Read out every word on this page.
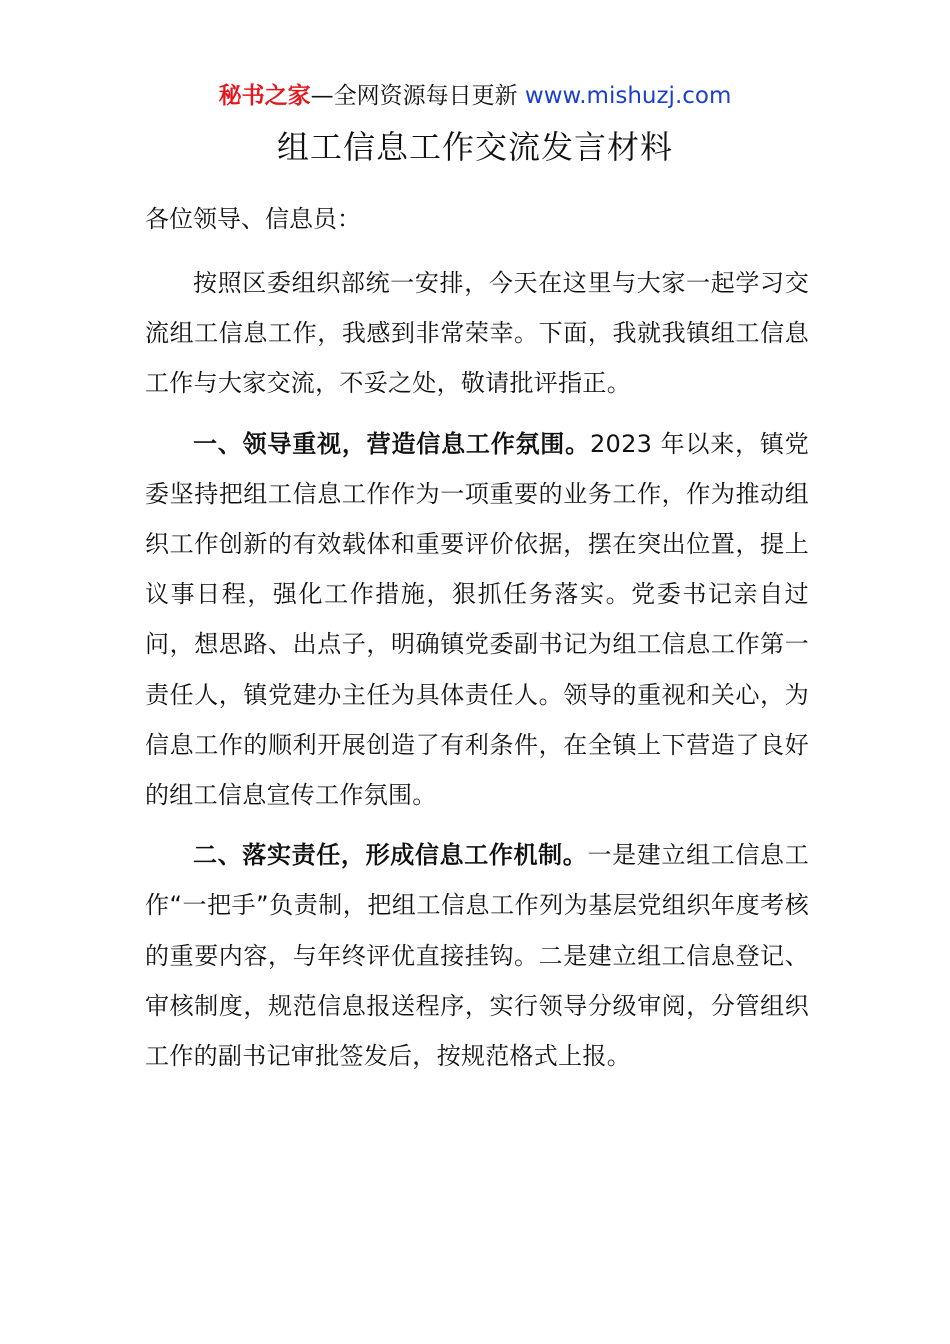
秘书之家—全网资源每日更新 www.mishuzj.com
组工信息工作交流发言材料

各位领导、信息员：

按照区委组织部统一安排，今天在这里与大家一起学习交流组工信息工作，我感到非常荣幸。下面，我就我镇组工信息工作与大家交流，不妥之处，敬请批评指正。

一、领导重视，营造信息工作氛围。2023 年以来，镇党委坚持把组工信息工作作为一项重要的业务工作，作为推动组织工作创新的有效载体和重要评价依据，摆在突出位置，提上议事日程，强化工作措施，狠抓任务落实。党委书记亲自过问，想思路、出点子，明确镇党委副书记为组工信息工作第一责任人，镇党建办主任为具体责任人。领导的重视和关心，为信息工作的顺利开展创造了有利条件，在全镇上下营造了良好的组工信息宣传工作氛围。

二、落实责任，形成信息工作机制。一是建立组工信息工作“一把手”负责制，把组工信息工作列为基层党组织年度考核的重要内容，与年终评优直接挂钩。二是建立组工信息登记、审核制度，规范信息报送程序，实行领导分级审阅，分管组织工作的副书记审批签发后，按规范格式上报。
